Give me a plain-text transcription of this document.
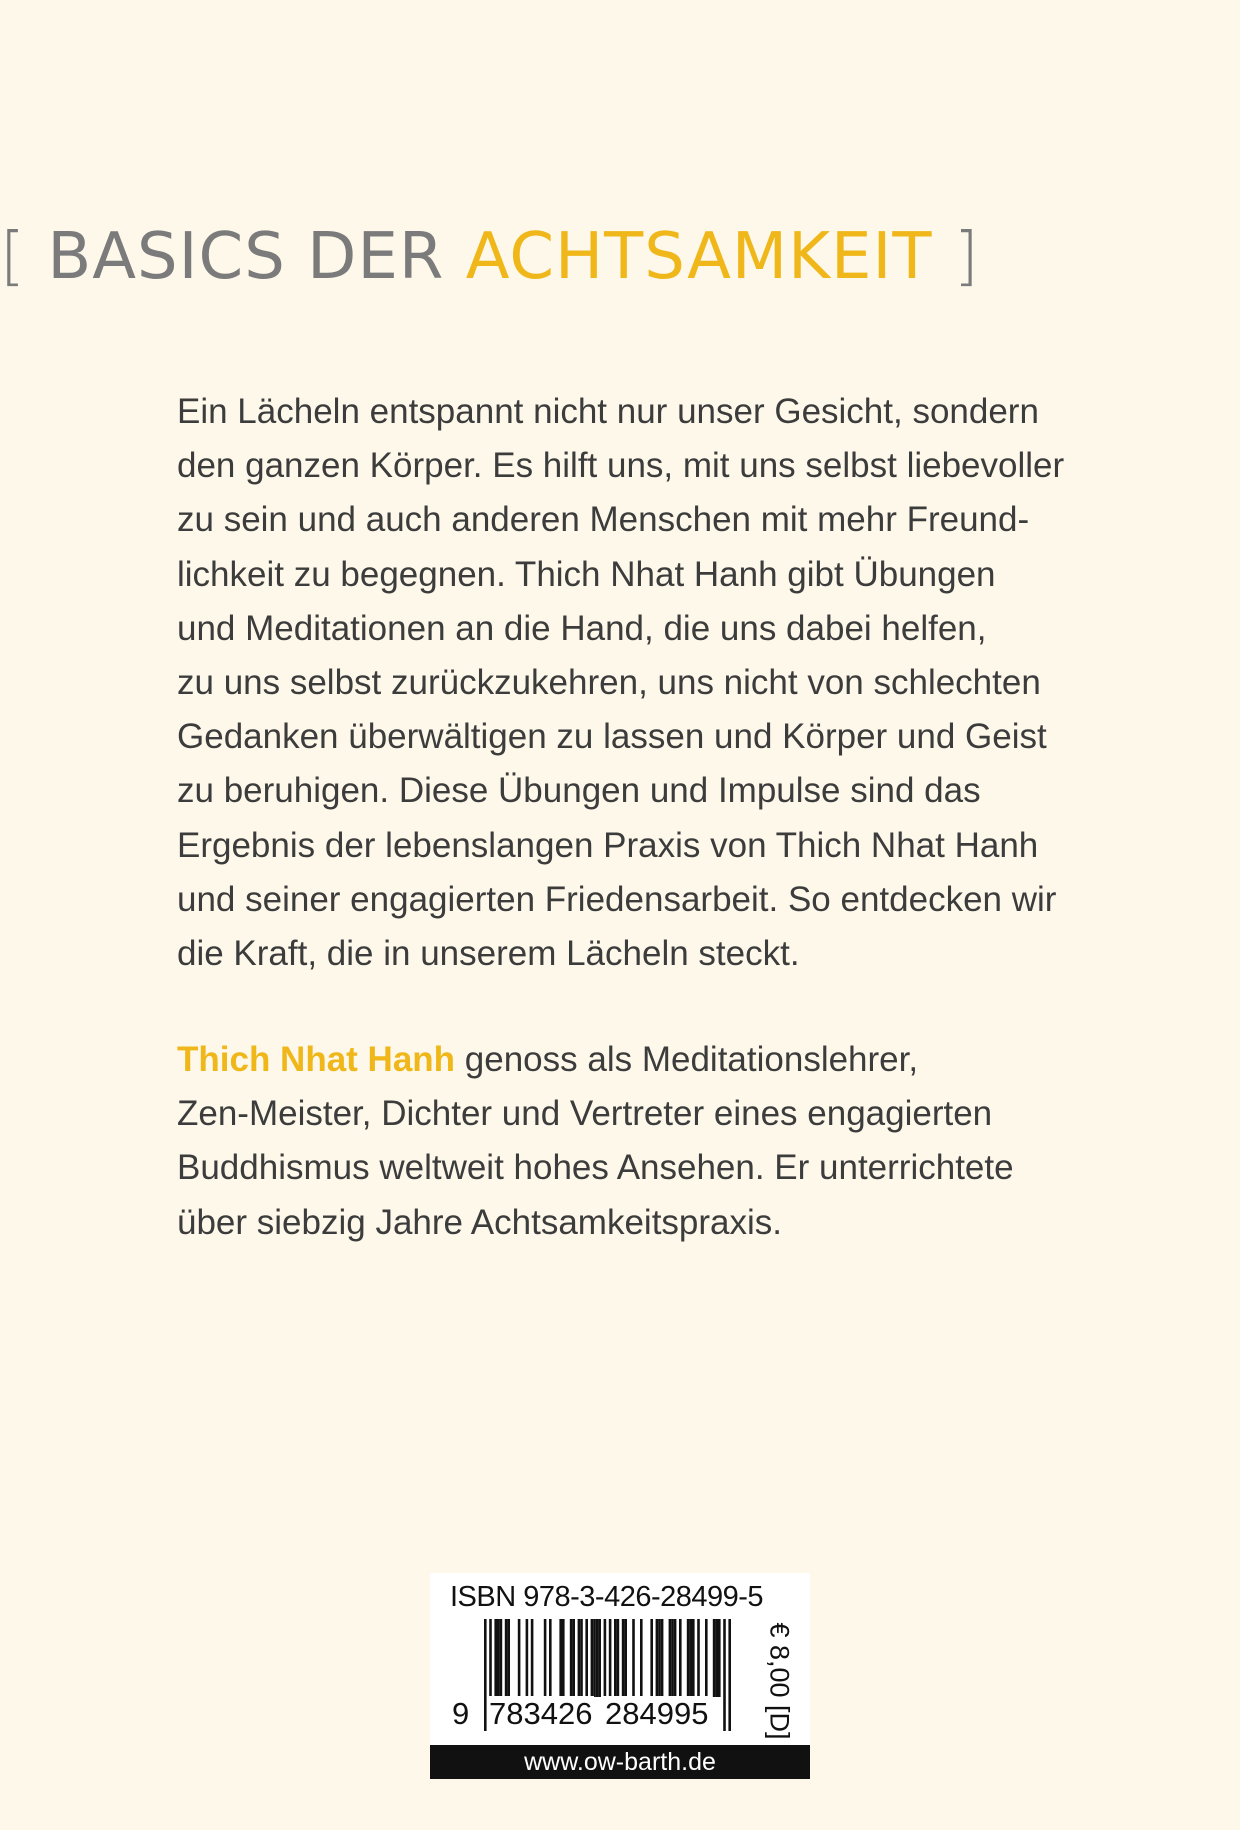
[ BASICS DER ACHTSAMKEIT ]

Ein Lächeln entspannt nicht nur unser Gesicht, sondern
den ganzen Körper. Es hilft uns, mit uns selbst liebevoller
zu sein und auch anderen Menschen mit mehr Freund-
lichkeit zu begegnen. Thich Nhat Hanh gibt Übungen
und Meditationen an die Hand, die uns dabei helfen,
zu uns selbst zurückzukehren, uns nicht von schlechten
Gedanken überwältigen zu lassen und Körper und Geist
zu beruhigen. Diese Übungen und Impulse sind das
Ergebnis der lebenslangen Praxis von Thich Nhat Hanh
und seiner engagierten Friedensarbeit. So entdecken wir
die Kraft, die in unserem Lächeln steckt.

Thich Nhat Hanh genoss als Meditationslehrer,
Zen-Meister, Dichter und Vertreter eines engagierten
Buddhismus weltweit hohes Ansehen. Er unterrichtete
über siebzig Jahre Achtsamkeitspraxis.

ISBN 978-3-426-28499-5
9 783426 284995 € 8,00 [D]
www.ow-barth.de
